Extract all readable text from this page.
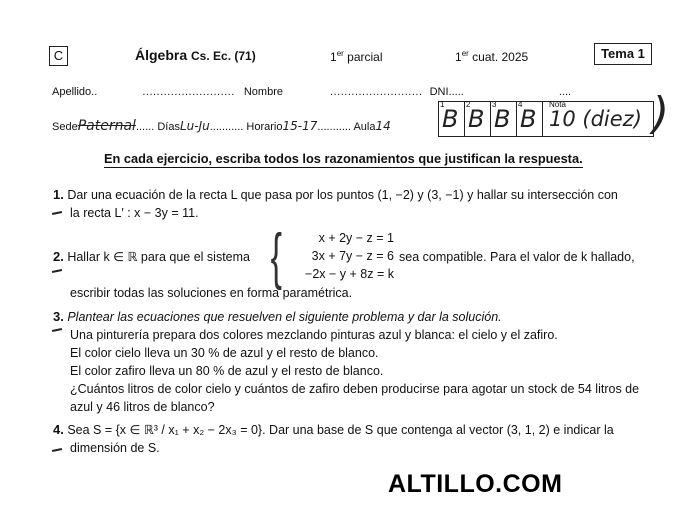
C	Álgebra Cs. Ec. (71)	1er parcial	1er cuat. 2025	Tema 1
Apellido..	.......................... Nombre	.......................... DNI.....	....
SedePaternal...... DíasLu-Ju........... Horario15-17........... Aula14
1
B
2
B
3
B
4
B
Nota
10 (diez) )
En cada ejercicio, escriba todos los razonamientos que justifican la respuesta.
1. Dar una ecuación de la recta L que pasa por los puntos (1, −2) y (3, −1) y hallar su intersección con
la recta L′ : x − 3y = 11.
2. Hallar k ∈ ℝ para que el sistema {	x + 2y − z = 1
3x + 7y − z = 6
−2x − y + 8z = k
sea compatible. Para el valor de k hallado,
escribir todas las soluciones en forma paramétrica.
3. Plantear las ecuaciones que resuelven el siguiente problema y dar la solución.
Una pinturería prepara dos colores mezclando pinturas azul y blanca: el cielo y el zafiro.
El color cielo lleva un 30 % de azul y el resto de blanco.
El color zafiro lleva un 80 % de azul y el resto de blanco.
¿Cuántos litros de color cielo y cuántos de zafiro deben producirse para agotar un stock de 54 litros de
azul y 46 litros de blanco?
4. Sea S = {x ∈ ℝ³ / x₁ + x₂ − 2x₃ = 0}. Dar una base de S que contenga al vector (3, 1, 2) e indicar la
dimensión de S.
ALTILLO.COM
